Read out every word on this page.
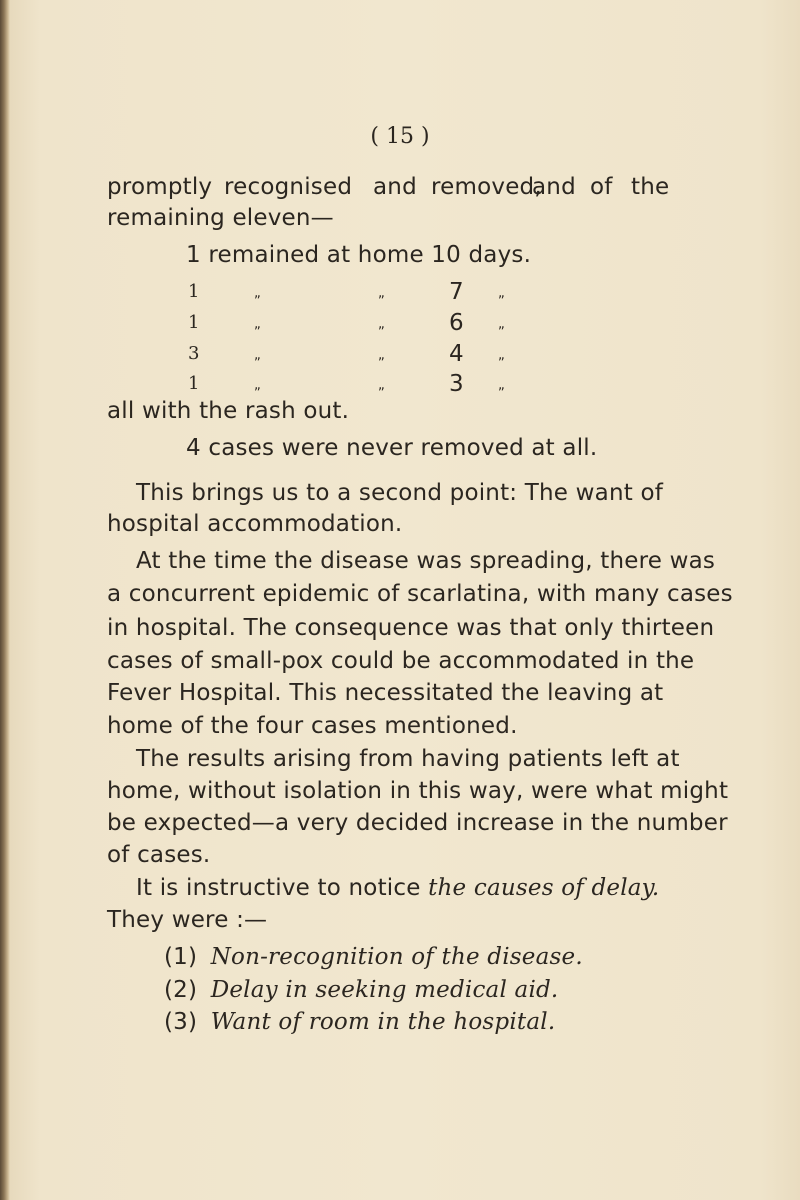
( 15 )
promptly recognised and removed,
and of the
remaining eleven—
1 remained at home 10 days.
1	„	„	7	„
1	„	„	6	„
3	„	„	4	„
1	„	„	3	„
all with the rash out.
4 cases were never removed at all.
This brings us to a second point: The want of
hospital accommodation.
At the time the disease was spreading, there was
a concurrent epidemic of scarlatina, with many cases
in hospital. The consequence was that only thirteen
cases of small-pox could be accommodated in the
Fever Hospital. This necessitated the leaving at
home of the four cases mentioned.
The results arising from having patients left at
home, without isolation in this way, were what might
be expected—a very decided increase in the number
of cases.
It is instructive to notice the causes of delay.
They were :—
(1) Non-recognition of the disease.
(2) Delay in seeking medical aid.
(3) Want of room in the hospital.
